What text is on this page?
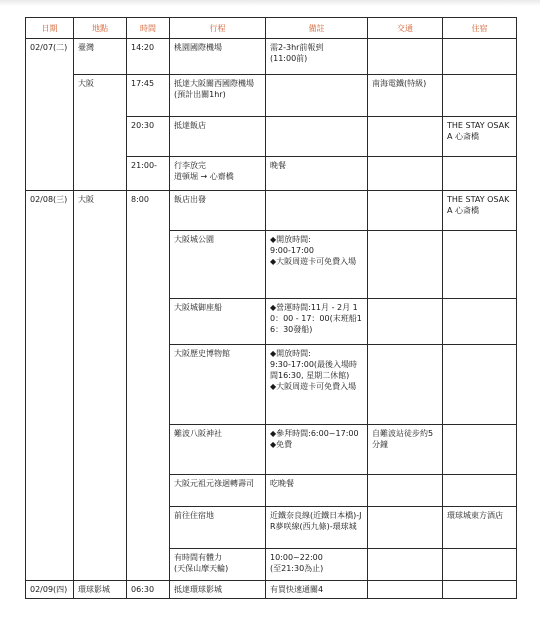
日期	地點	時間	行程	備註	交通	住宿
02/07(二)	臺灣	14:20	桃園國際機場	需2-3hr前報到
(11:00前)		
	大阪	17:45	抵達大阪關西國際機場
(預計出關1hr)		南海電鐵(特級)	
		20:30	抵達飯店			THE STAY OSAKA 心斎橋
		21:00-	行李放完
道頓堀 → 心齋橋	晚餐		
02/08(三)	大阪	8:00	飯店出發			THE STAY OSAKA 心斎橋
			大阪城公園	◆開放時間:
9:00-17:00
◆大阪周遊卡可免費入場		
			大阪城御座船	◆營運時間:11月 - 2月 10：00 - 17：00(末班船16：30發船)		
			大阪歷史博物館	◆開放時間:
9:30-17:00(最後入場時間16:30, 星期二休館)
◆大阪周遊卡可免費入場		
			難波八阪神社	◆參拜時間:6:00~17:00
◆免費	自難波站徒步約5分鐘	
			大阪元祖元祿迴轉壽司	吃晚餐		
			前往住宿地	近鐵奈良線(近鐵日本橋)-JR夢咲線(西九條)-環球城		環球城東方酒店
			有時間有體力
(天保山摩天輪)	10:00~22:00
(至21:30為止)		
02/09(四)	環球影城	06:30	抵達環球影城	有買快速通關4		
